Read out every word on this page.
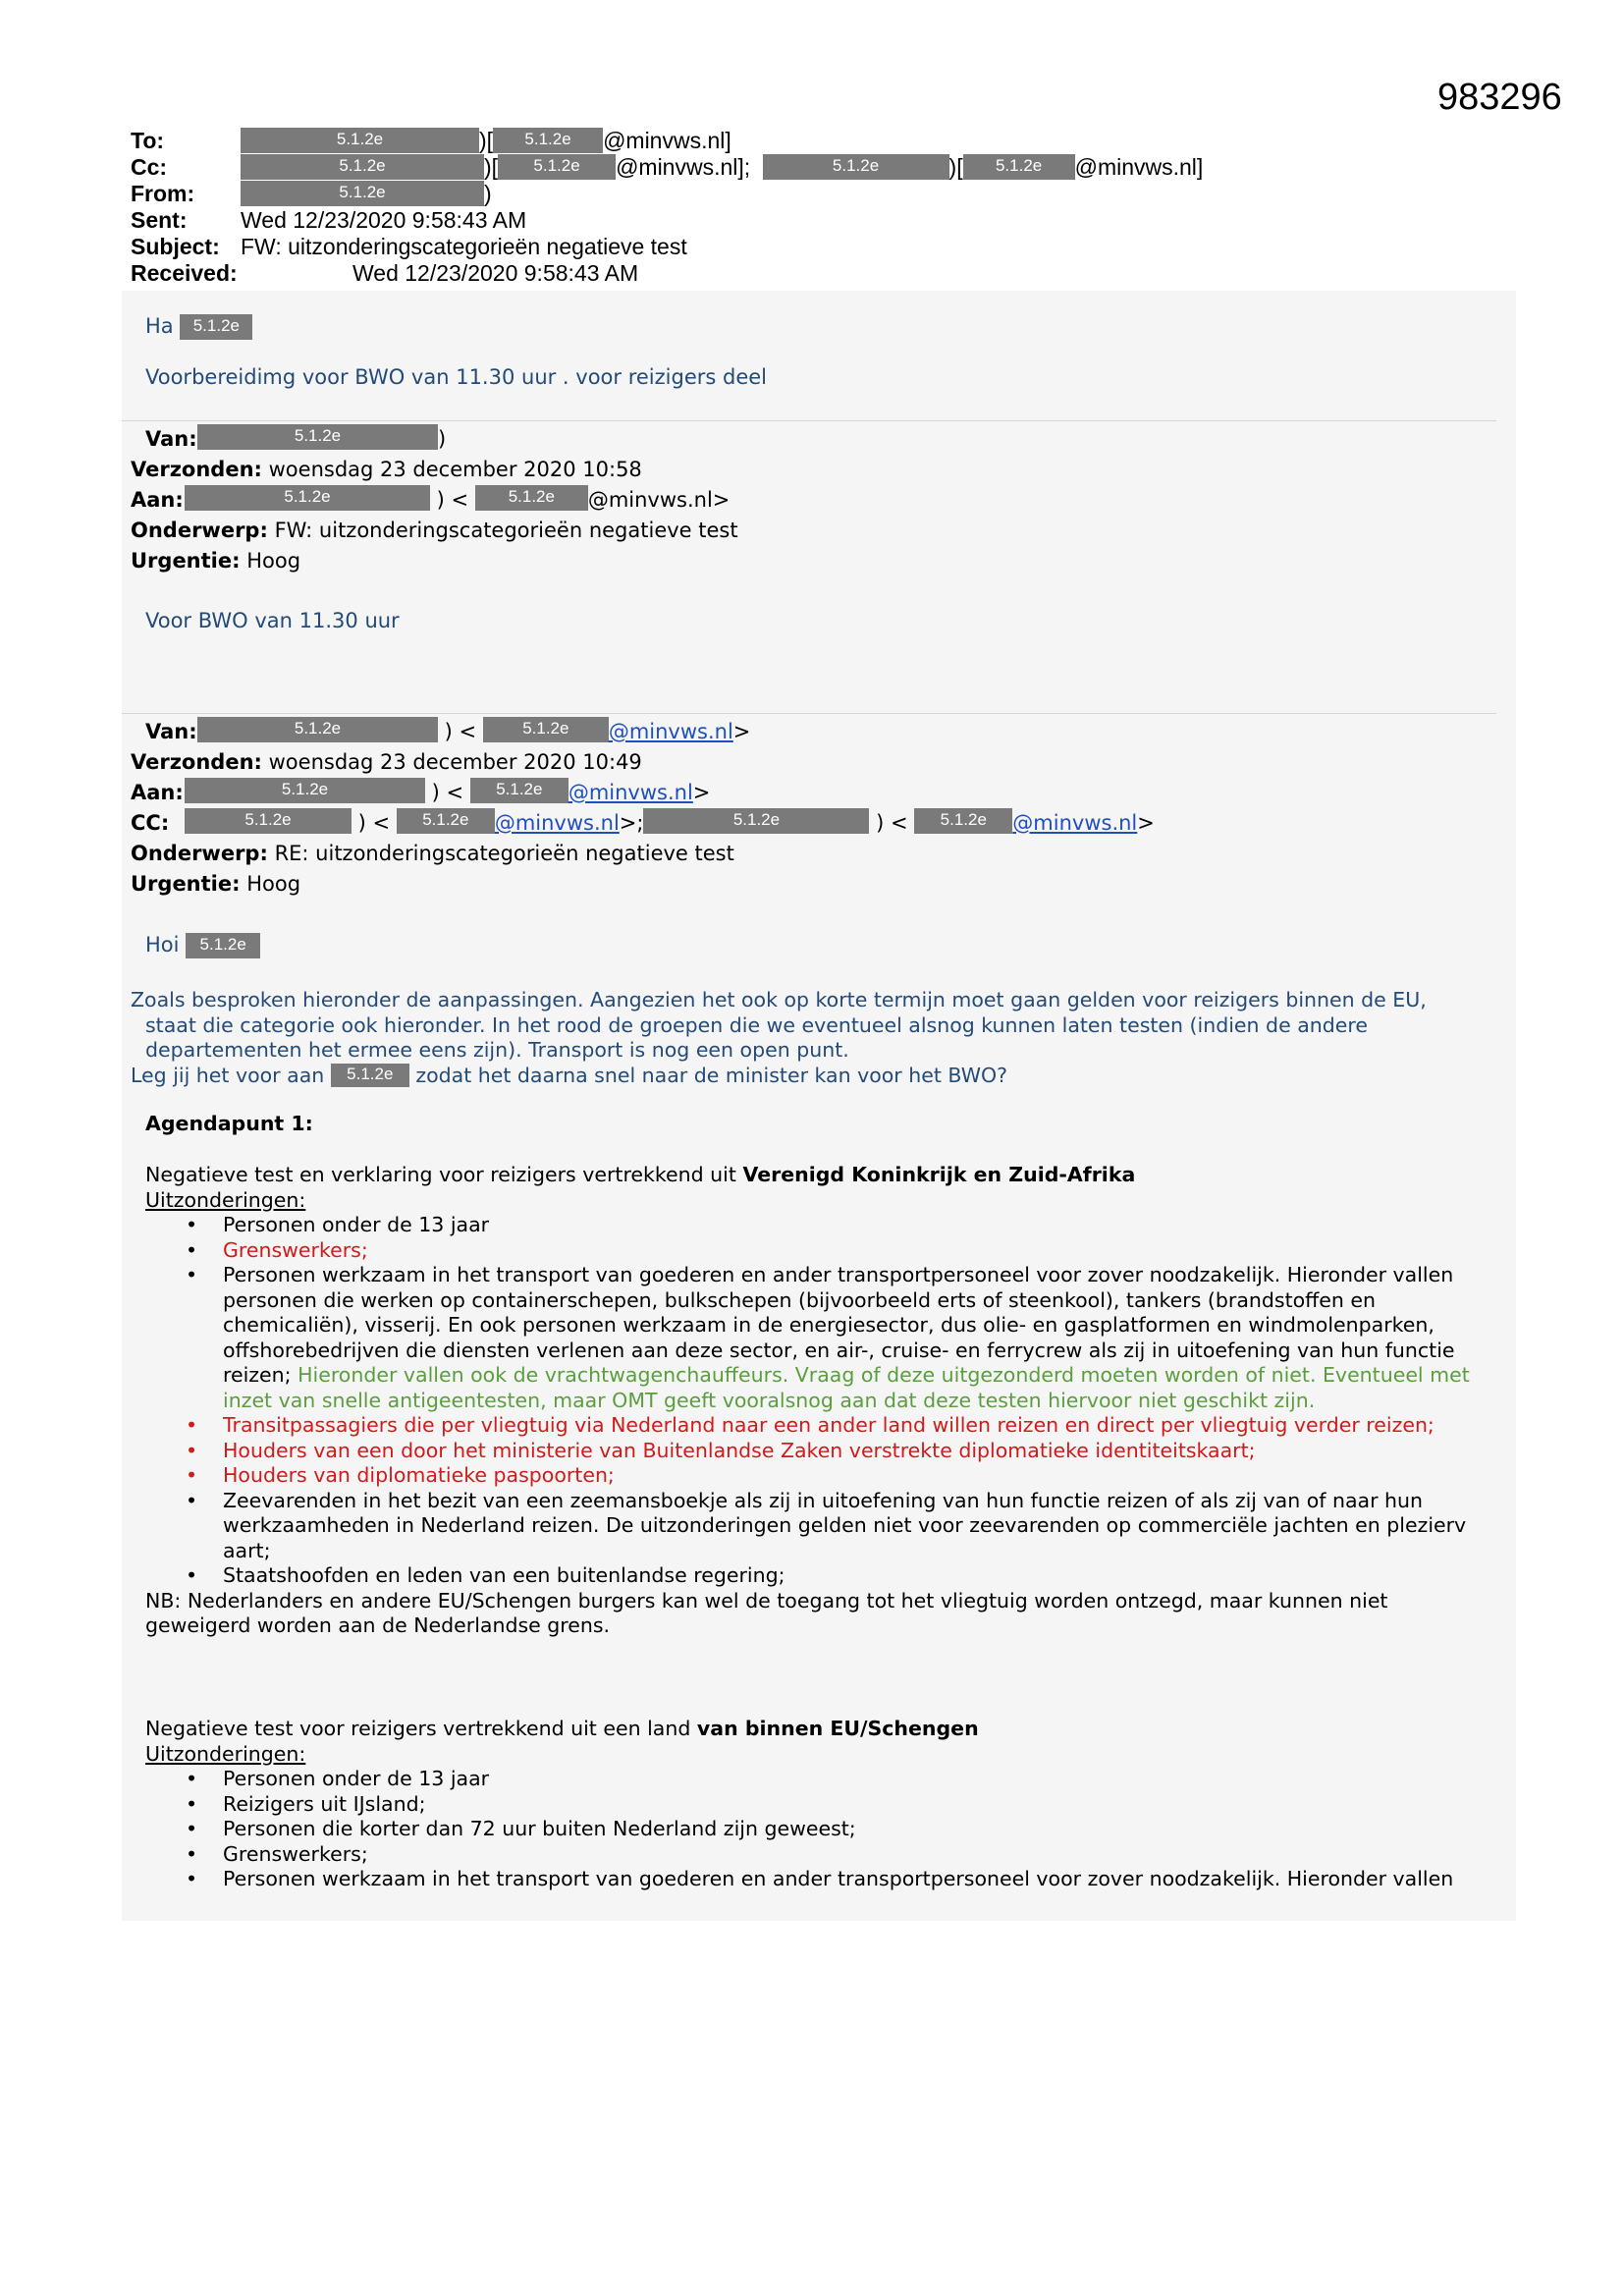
983296
To:	5.1.2e	)[ 5.1.2e @minvws.nl]
Cc:	5.1.2e	)[ 5.1.2e @minvws.nl];	5.1.2e	)[ 5.1.2e @minvws.nl]
From:	5.1.2e	)
Sent: Wed 12/23/2020 9:58:43 AM
Subject: FW: uitzonderingscategorieën negatieve test
Received:	Wed 12/23/2020 9:58:43 AM
Ha 5.1.2e
Voorbereidimg voor BWO van 11.30 uur . voor reizigers deel
Van:	5.1.2e	)
Verzonden: woensdag 23 december 2020 10:58
Aan:	5.1.2e	) < 5.1.2e @minvws.nl>
Onderwerp: FW: uitzonderingscategorieën negatieve test
Urgentie: Hoog
Voor BWO van 11.30 uur
Van:	5.1.2e	) < 5.1.2e @minvws.nl>
Verzonden: woensdag 23 december 2020 10:49
Aan:	5.1.2e	) < 5.1.2e @minvws.nl>
CC:	5.1.2e	) < 5.1.2e @minvws.nl>;	5.1.2e	) < 5.1.2e @minvws.nl>
Onderwerp: RE: uitzonderingscategorieën negatieve test
Urgentie: Hoog
Hoi 5.1.2e
Zoals besproken hieronder de aanpassingen. Aangezien het ook op korte termijn moet gaan gelden voor reizigers binnen de EU,
staat die categorie ook hieronder. In het rood de groepen die we eventueel alsnog kunnen laten testen (indien de andere
departementen het ermee eens zijn). Transport is nog een open punt.
Leg jij het voor aan 5.1.2e zodat het daarna snel naar de minister kan voor het BWO?
Agendapunt 1:
Negatieve test en verklaring voor reizigers vertrekkend uit Verenigd Koninkrijk en Zuid-Afrika
Uitzonderingen:
• Personen onder de 13 jaar
• Grenswerkers;
• Personen werkzaam in het transport van goederen en ander transportpersoneel voor zover noodzakelijk. Hieronder vallen personen die werken op containerschepen, bulkschepen (bijvoorbeeld erts of steenkool), tankers (brandstoffen en chemicaliën), visserij. En ook personen werkzaam in de energiesector, dus olie- en gasplatformen en windmolenparken, offshorebedrijven die diensten verlenen aan deze sector, en air-, cruise- en ferrycrew als zij in uitoefening van hun functie reizen; Hieronder vallen ook de vrachtwagenchauffeurs. Vraag of deze uitgezonderd moeten worden of niet. Eventueel met inzet van snelle antigeentesten, maar OMT geeft vooralsnog aan dat deze testen hiervoor niet geschikt zijn.
• Transitpassagiers die per vliegtuig via Nederland naar een ander land willen reizen en direct per vliegtuig verder reizen;
• Houders van een door het ministerie van Buitenlandse Zaken verstrekte diplomatieke identiteitskaart;
• Houders van diplomatieke paspoorten;
• Zeevarenden in het bezit van een zeemansboekje als zij in uitoefening van hun functie reizen of als zij van of naar hun werkzaamheden in Nederland reizen. De uitzonderingen gelden niet voor zeevarenden op commerciële jachten en plezierv aart;
• Staatshoofden en leden van een buitenlandse regering;
NB: Nederlanders en andere EU/Schengen burgers kan wel de toegang tot het vliegtuig worden ontzegd, maar kunnen niet geweigerd worden aan de Nederlandse grens.
Negatieve test voor reizigers vertrekkend uit een land van binnen EU/Schengen
Uitzonderingen:
• Personen onder de 13 jaar
• Reizigers uit IJsland;
• Personen die korter dan 72 uur buiten Nederland zijn geweest;
• Grenswerkers;
• Personen werkzaam in het transport van goederen en ander transportpersoneel voor zover noodzakelijk. Hieronder vallen
